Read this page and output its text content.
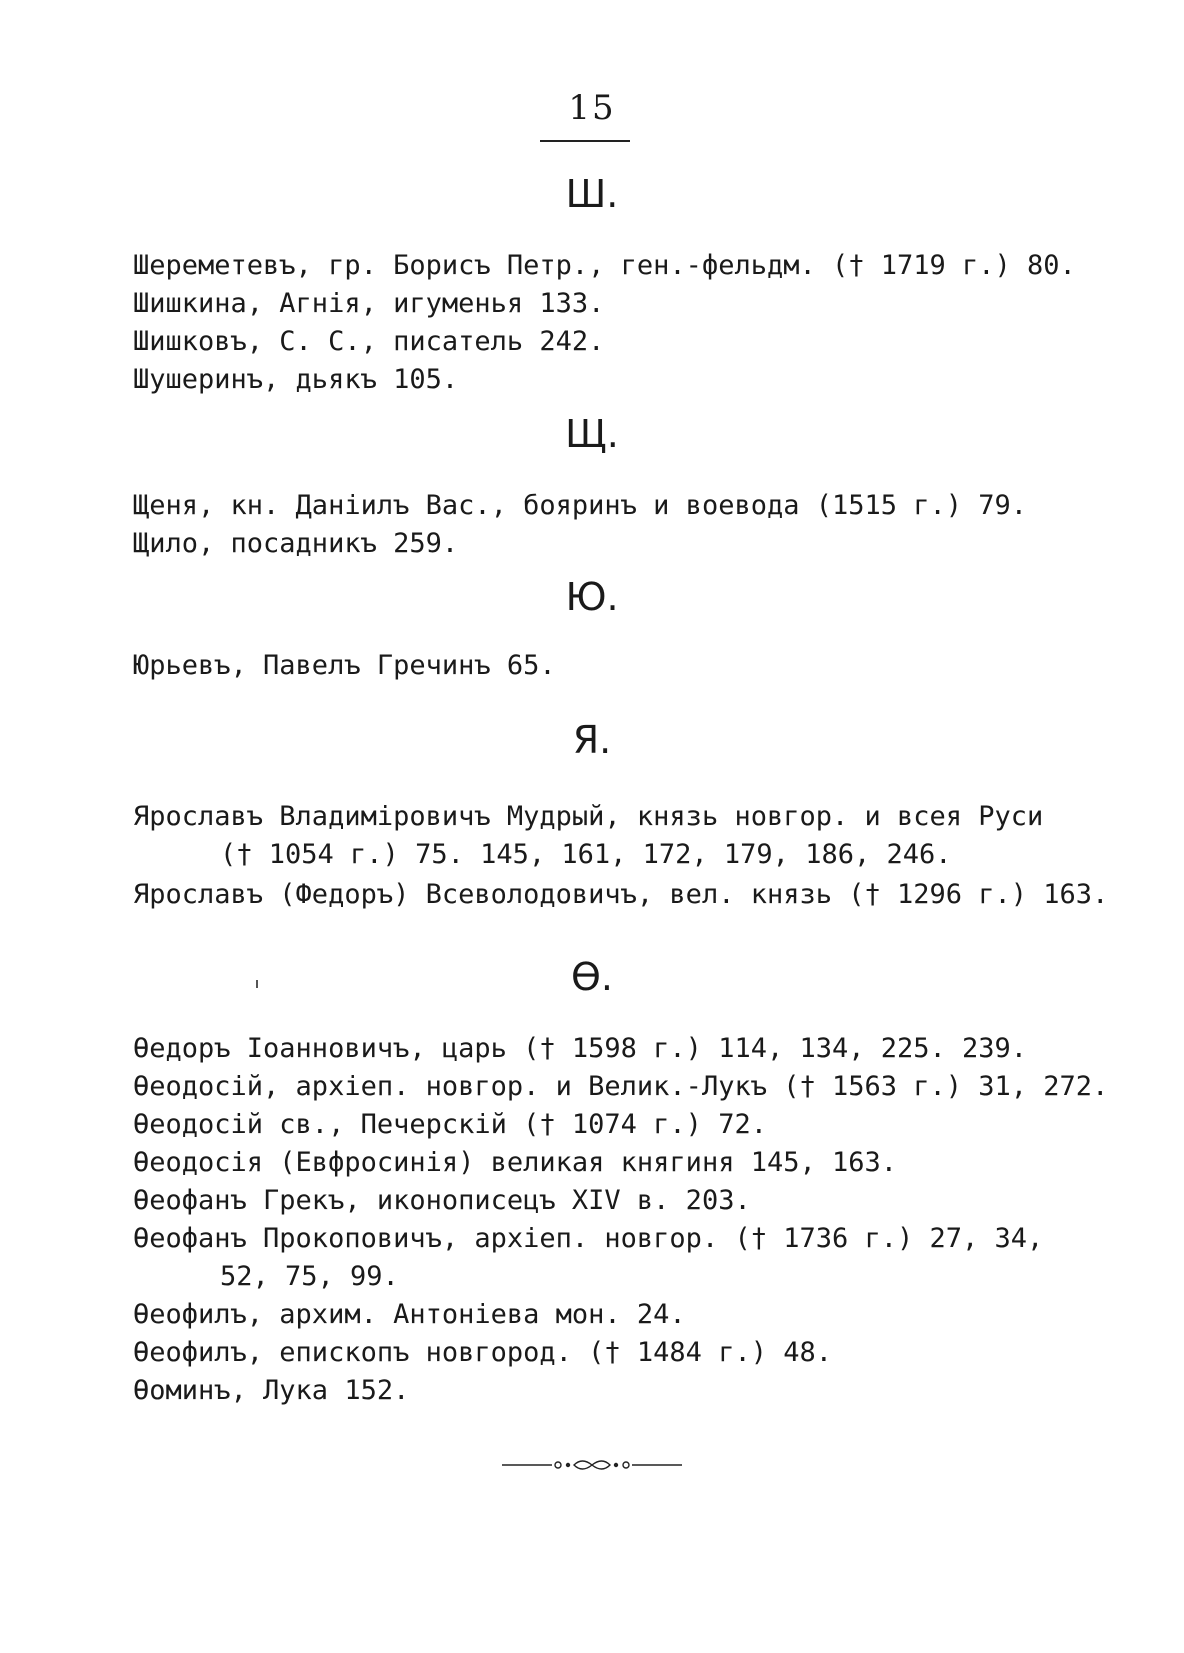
15
Ш.
Шереметевъ, гр. Борисъ Петр., ген.-фельдм. († 1719 г.) 80.
Шишкина, Агнія, игуменья 133.
Шишковъ, С. С., писатель 242.
Шушеринъ, дьякъ 105.
Щ.
Щеня, кн. Даніилъ Вас., бояринъ и воевода (1515 г.) 79.
Щило, посадникъ 259.
Ю.
Юрьевъ, Павелъ Гречинъ 65.
Я.
Ярославъ Владиміровичъ Мудрый, князь новгор. и всея Руси
(† 1054 г.) 75. 145, 161, 172, 179, 186, 246.
Ярославъ (Федоръ) Всеволодовичъ, вел. князь († 1296 г.) 163.
Ѳ.
Ѳедоръ Іоанновичъ, царь († 1598 г.) 114, 134, 225. 239.
Ѳеодосій, архіеп. новгор. и Велик.-Лукъ († 1563 г.) 31, 272.
Ѳеодосій св., Печерскій († 1074 г.) 72.
Ѳеодосія (Евфросинія) великая княгиня 145, 163.
Ѳеофанъ Грекъ, иконописецъ XIV в. 203.
Ѳеофанъ Прокоповичъ, архіеп. новгор. († 1736 г.) 27, 34,
52, 75, 99.
Ѳеофилъ, архим. Антоніева мон. 24.
Ѳеофилъ, епископъ новгород. († 1484 г.) 48.
Ѳоминъ, Лука 152.
